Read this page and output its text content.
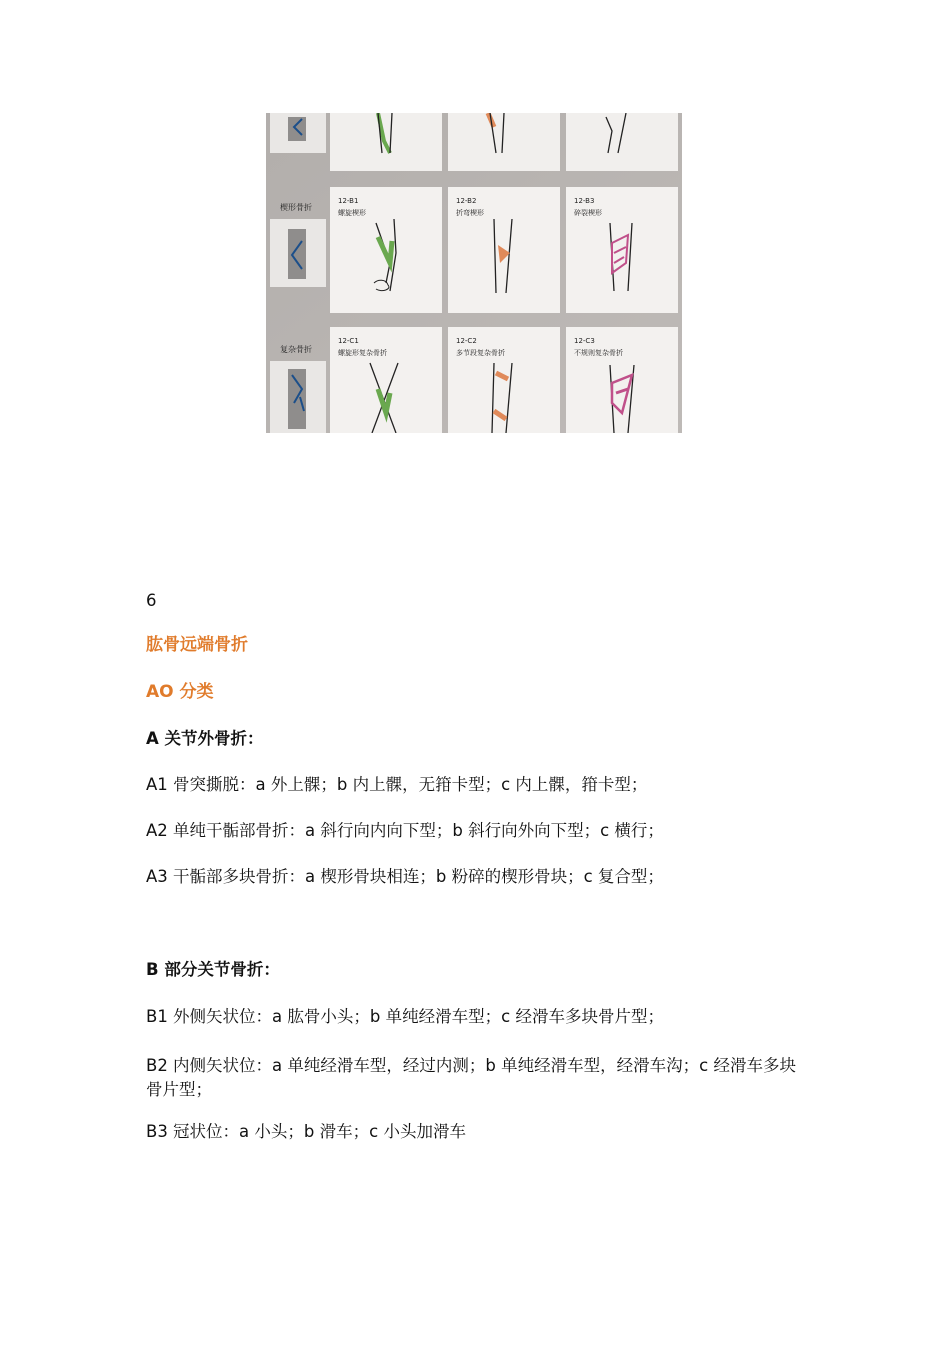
楔形骨折
12-B1
螺旋楔形
12-B2
折弯楔形
12-B3
碎裂楔形
复杂骨折
12-C1
螺旋形复杂骨折
12-C2
多节段复杂骨折
12-C3
不规则复杂骨折
6
肱骨远端骨折
AO 分类
A 关节外骨折：
A1 骨突撕脱：a 外上髁；b 内上髁，无箝卡型；c 内上髁，箝卡型；
A2 单纯干骺部骨折：a 斜行向内向下型；b 斜行向外向下型；c 横行；
A3 干骺部多块骨折：a 楔形骨块相连；b 粉碎的楔形骨块；c 复合型；
B 部分关节骨折：
B1 外侧矢状位：a 肱骨小头；b 单纯经滑车型；c 经滑车多块骨片型；
B2 内侧矢状位：a 单纯经滑车型，经过内测；b 单纯经滑车型，经滑车沟；c 经滑车多块骨片型；
B3 冠状位：a 小头；b 滑车；c 小头加滑车
